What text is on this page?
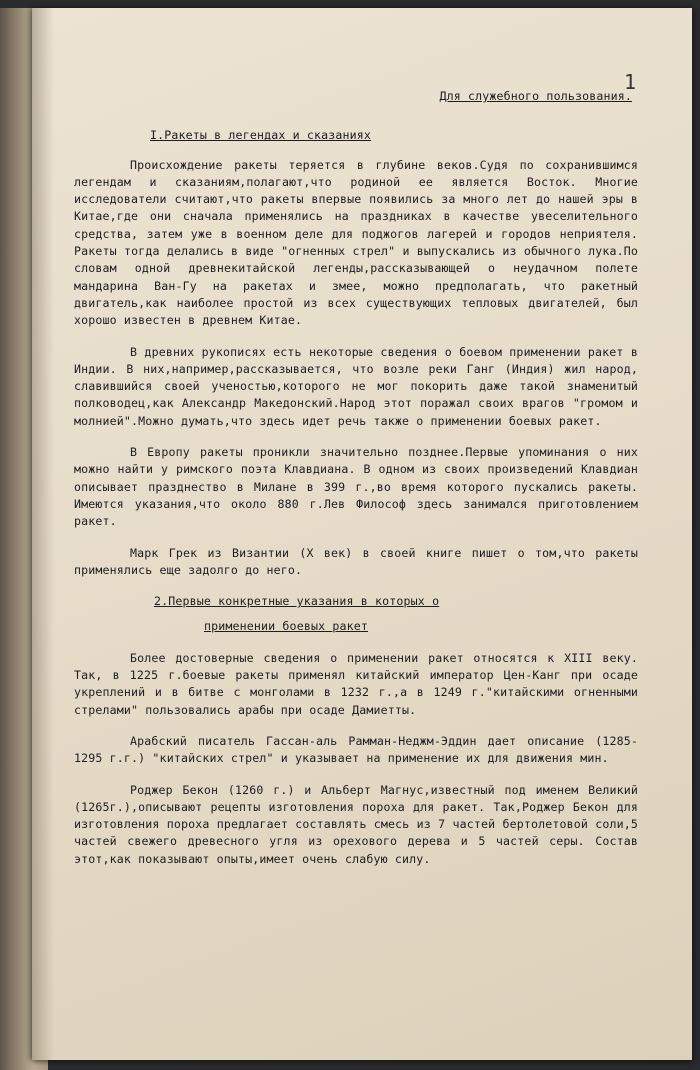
1
Для служебного пользования.
I.Ракеты в легендах и сказаниях

Происхождение ракеты теряется в глубине веков.Судя по сохранившимся легендам и сказаниям,полагают,что родиной ее является Восток. Многие исследователи считают,что ракеты впервые появились за много лет до нашей эры в Китае,где они сначала применялись на праздниках в качестве увеселительного средства, затем уже в военном деле для поджогов лагерей и городов неприятеля. Ракеты тогда делались в виде "огненных стрел" и выпускались из обычного лука.По словам одной древнекитайской легенды,рассказывающей о неудачном полете мандарина Ван-Гу на ракетах и змее, можно предполагать, что ракетный двигатель,как наиболее простой из всех существующих тепловых двигателей, был хорошо известен в древнем Китае.

В древних рукописях есть некоторые сведения о боевом применении ракет в Индии. В них,например,рассказывается, что возле реки Ганг (Индия) жил народ, славившийся своей ученостью,которого не мог покорить даже такой знаменитый полководец,как Александр Македонский.Народ этот поражал своих врагов "громом и молнией".Можно думать,что здесь идет речь также о применении боевых ракет.

В Европу ракеты проникли значительно позднее.Первые упоминания о них можно найти у римского поэта Клавдиана. В одном из своих произведений Клавдиан описывает празднество в Милане в 399 г.,во время которого пускались ракеты. Имеются указания,что около 880 г.Лев Философ здесь занимался приготовлением ракет.

Марк Грек из Византии (Х век) в своей книге пишет о том,что ракеты применялись еще задолго до него.

2.Первые конкретные указания в которых о
применении боевых ракет

Более достоверные сведения о применении ракет относятся к XIII веку. Так, в 1225 г.боевые ракеты применял китайский император Цен-Канг при осаде укреплений и в битве с монголами в 1232 г.,а в 1249 г."китайскими огненными стрелами" пользовались арабы при осаде Дамиетты.

Арабский писатель Гассан-аль Рамман-Неджм-Эддин дает описание (1285-1295 г.г.) "китайских стрел" и указывает на применение их для движения мин.

Роджер Бекон (1260 г.) и Альберт Магнус,известный под именем Великий (1265г.),описывают рецепты изготовления пороха для ракет. Так,Роджер Бекон для изготовления пороха предлагает составлять смесь из 7 частей бертолетовой соли,5 частей свежего древесного угля из орехового дерева и 5 частей серы. Состав этот,как показывают опыты,имеет очень слабую силу.
